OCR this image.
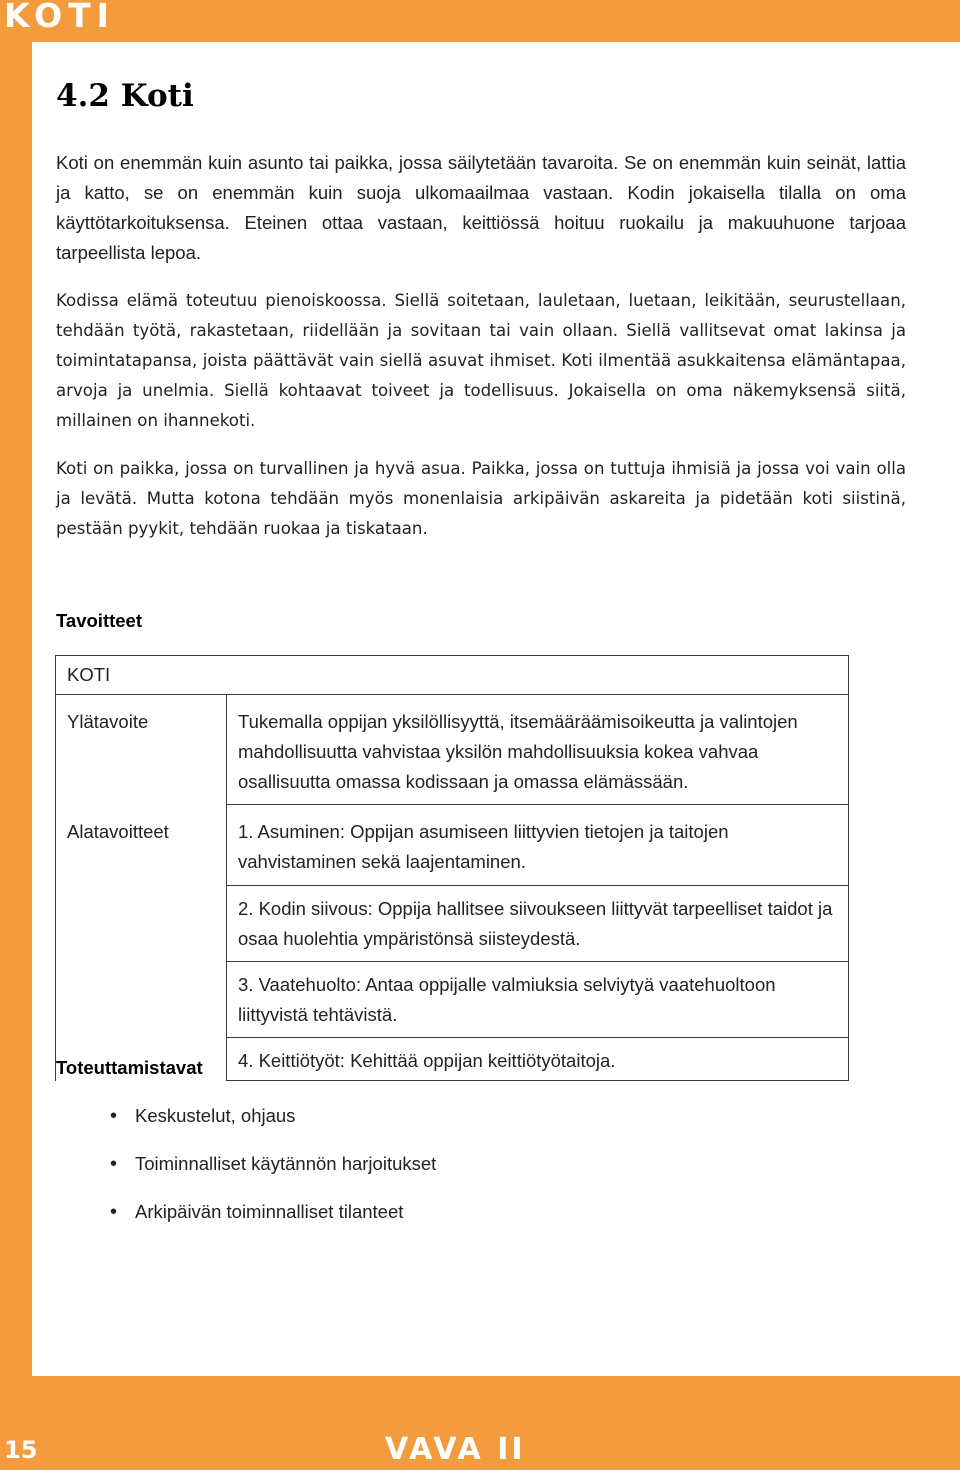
KOTI
4.2 Koti

Koti on enemmän kuin asunto tai paikka, jossa säilytetään tavaroita. Se on enemmän kuin seinät, lattia ja katto, se on enemmän kuin suoja ulkomaailmaa vastaan. Kodin jokaisella tilalla on oma käyttötarkoituksensa. Eteinen ottaa vastaan, keittiössä hoituu ruokailu ja makuuhuone tarjoaa tarpeellista lepoa.

Kodissa elämä toteutuu pienoiskoossa. Siellä soitetaan, lauletaan, luetaan, leikitään, seurustellaan, tehdään työtä, rakastetaan, riidellään ja sovitaan tai vain ollaan. Siellä vallitsevat omat lakinsa ja toimintatapansa, joista päättävät vain siellä asuvat ihmiset. Koti ilmentää asukkaitensa elämäntapaa, arvoja ja unelmia. Siellä kohtaavat toiveet ja todellisuus. Jokaisella on oma näkemyksensä siitä, millainen on ihannekoti.

Koti on paikka, jossa on turvallinen ja hyvä asua. Paikka, jossa on tuttuja ihmisiä ja jossa voi vain olla ja levätä. Mutta kotona tehdään myös monenlaisia arkipäivän askareita ja pidetään koti siistinä, pestään pyykit, tehdään ruokaa ja tiskataan.

Tavoitteet
KOTI	
Ylätavoite	Tukemalla oppijan yksilöllisyyttä, itsemääräämisoikeutta ja valintojen mahdollisuutta vahvistaa yksilön mahdollisuuksia kokea vahvaa osallisuutta omassa kodissaan ja omassa elämässään.
Alatavoitteet	1. Asuminen: Oppijan asumiseen liittyvien tietojen ja taitojen vahvistaminen sekä laajentaminen.
	2. Kodin siivous: Oppija hallitsee siivoukseen liittyvät tarpeelliset taidot ja osaa huolehtia ympäristönsä siisteydestä.
	3. Vaatehuolto: Antaa oppijalle valmiuksia selviytyä vaatehuoltoon liittyvistä tehtävistä.
	4. Keittiötyöt: Kehittää oppijan keittiötyötaitoja.
Toteuttamistavat
• Keskustelut, ohjaus
• Toiminnalliset käytännön harjoitukset
• Arkipäivän toiminnalliset tilanteet
15	VAVA II
